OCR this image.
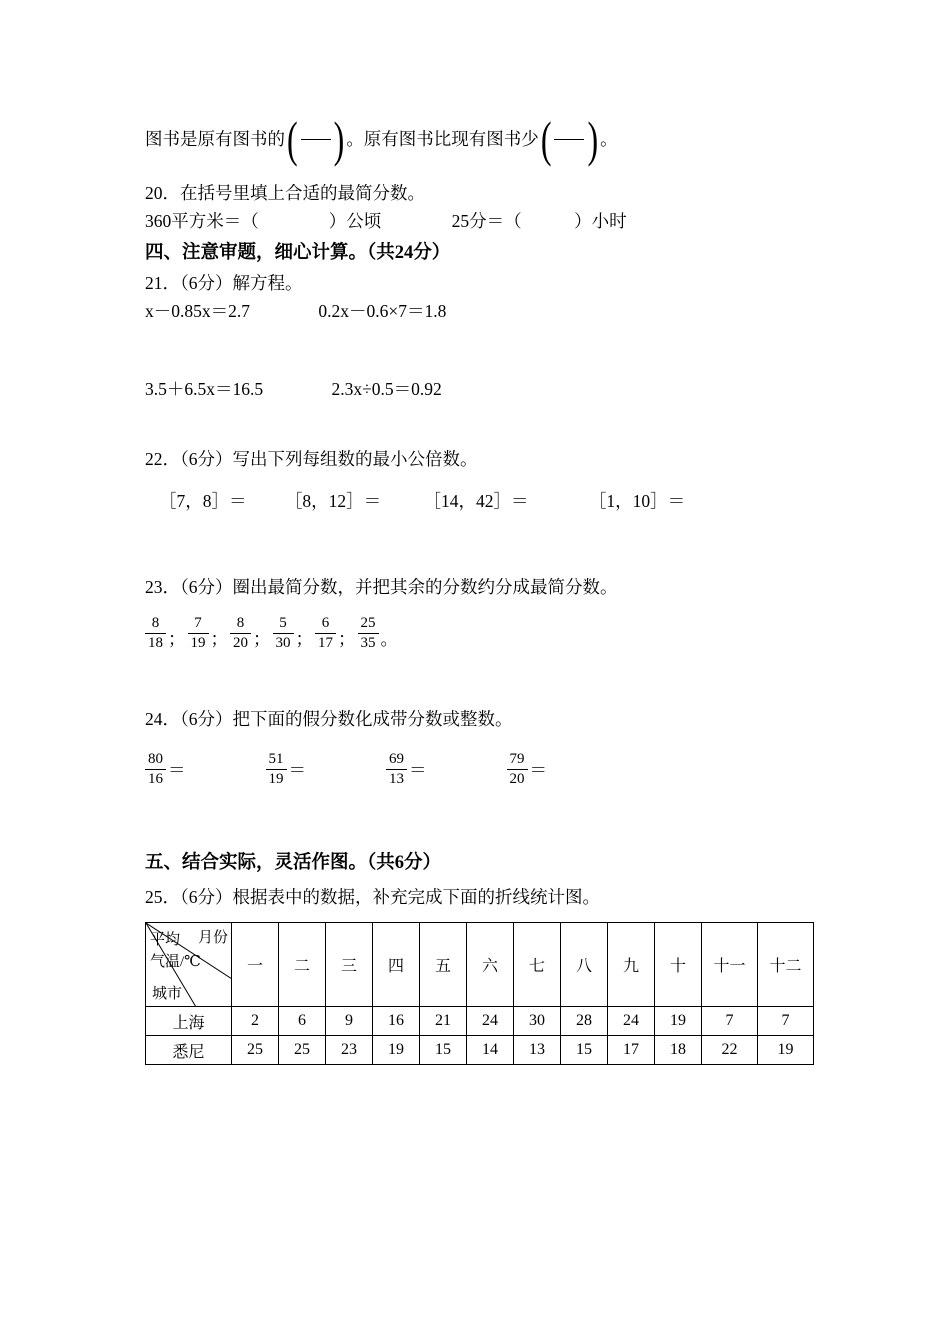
图书是原有图书的 ( ) 。原有图书比现有图书少 ( ) 。
20．在括号里填上合适的最简分数。
360平方米＝（　　　　）公顷	25分＝（　　　）小时
四、注意审题，细心计算。（共24分）
21．（6分）解方程。
x－0.85x＝2.7	0.2x－0.6×7＝1.8
3.5＋6.5x＝16.5	2.3x÷0.5＝0.92
22．（6分）写出下列每组数的最小公倍数。
［7，8］＝ ［8，12］＝ ［14，42］＝	［1，10］＝
23．（6分）圈出最简分数，并把其余的分数约分成最简分数。
$\frac{8}{18}$ ； $\frac{7}{19}$ ； $\frac{8}{20}$ ； $\frac{5}{30}$ ； $\frac{6}{17}$ ； $\frac{25}{35}$ 。
24．（6分）把下面的假分数化成带分数或整数。
$\frac{80}{16}$ ＝	$\frac{51}{19}$ ＝	$\frac{69}{13}$ ＝	$\frac{79}{20}$ ＝
五、结合实际，灵活作图。（共6分）
25．（6分）根据表中的数据，补充完成下面的折线统计图。
平均
气温/℃
月份
城市	一	二	三	四	五	六	七	八	九	十	十一	十二
上海	2	6	9	16	21	24	30	28	24	19	7	7
悉尼	25	25	23	19	15	14	13	15	17	18	22	19
